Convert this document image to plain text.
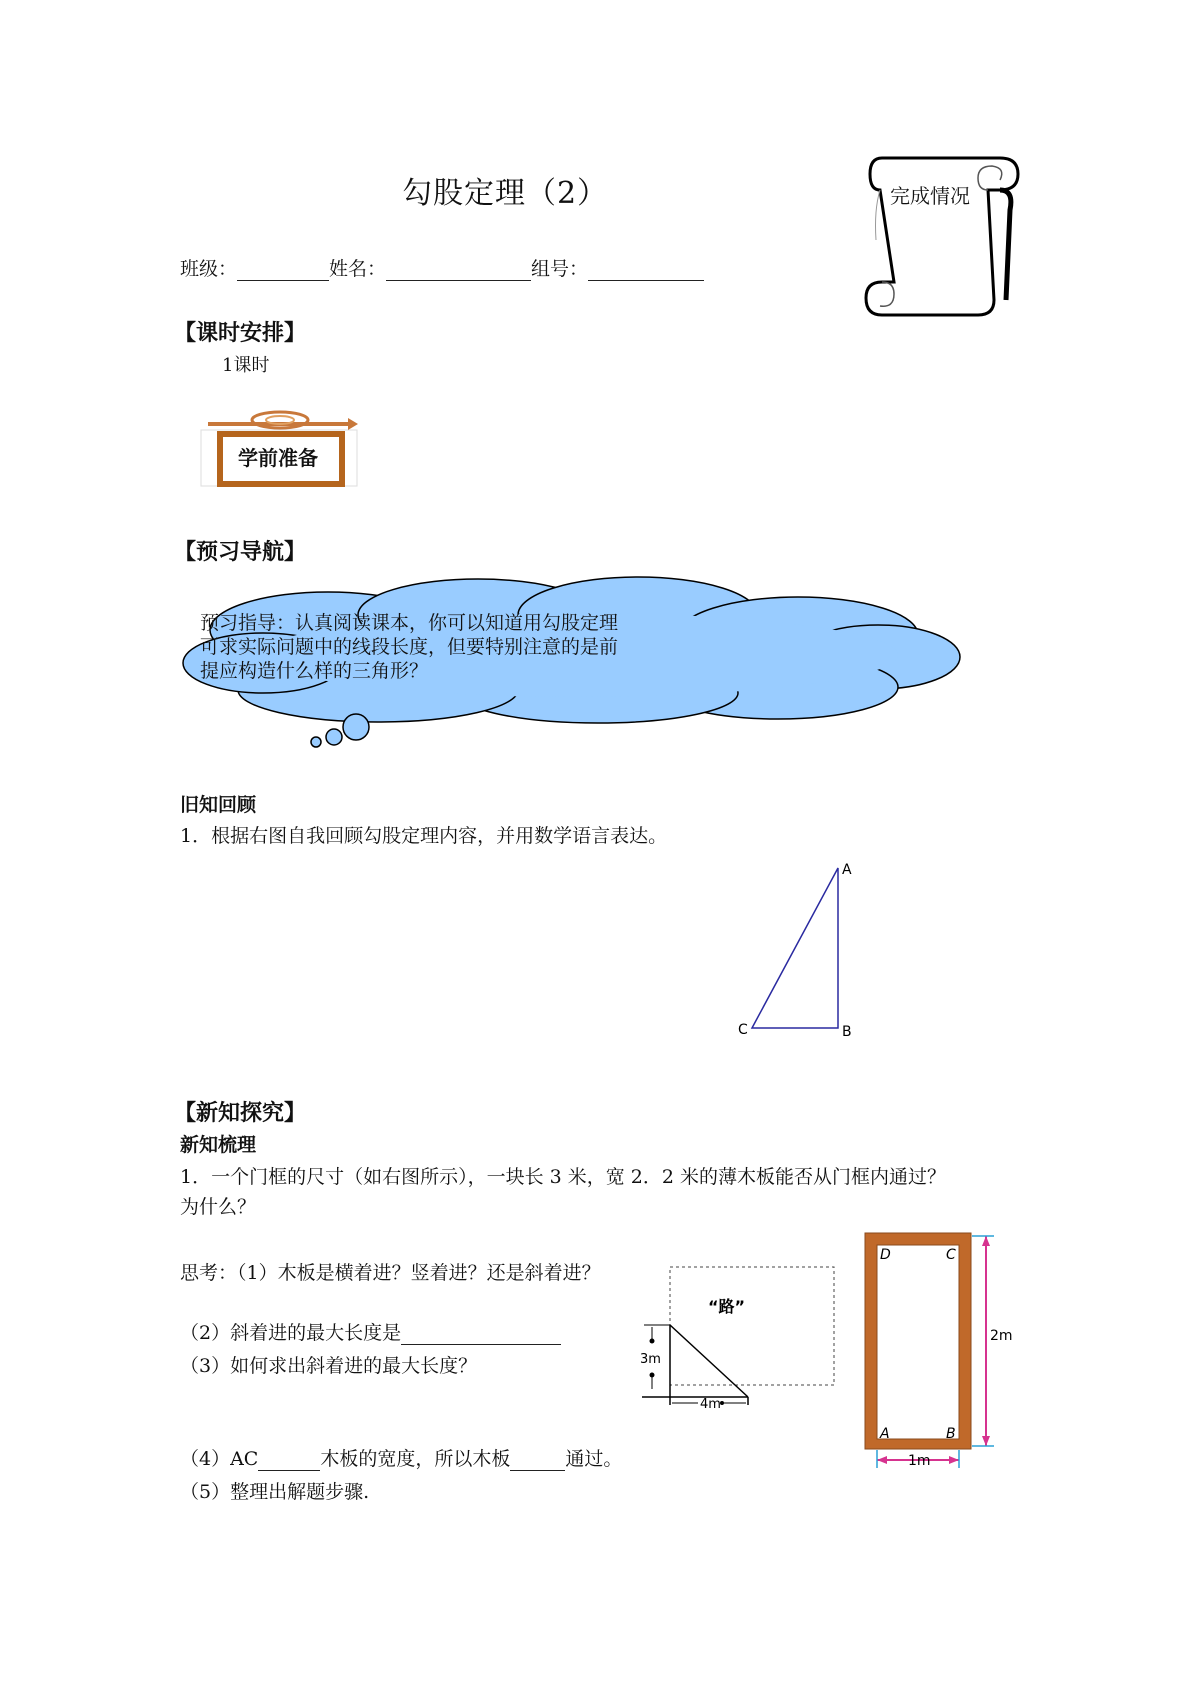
勾股定理（2）	完成情况
班级：	姓名：	组号：
【课时安排】
1课时
学前准备
【预习导航】
预习指导：认真阅读课本，你可以知道用勾股定理
可求实际问题中的线段长度，但要特别注意的是前
提应构造什么样的三角形？
旧知回顾
1．根据右图自我回顾勾股定理内容，并用数学语言表达。
A
B
C
【新知探究】
新知梳理
1．一个门框的尺寸（如右图所示），一块长 3 米，宽 2．2 米的薄木板能否从门框内通过？
为什么？
思考：（1）木板是横着进？竖着进？还是斜着进？
（2）斜着进的最大长度是
（3）如何求出斜着进的最大长度？
（4）AC	木板的宽度，所以木板	通过。
（5）整理出解题步骤.
“路”
3m
4m
D	C
A	B
2m
1m
